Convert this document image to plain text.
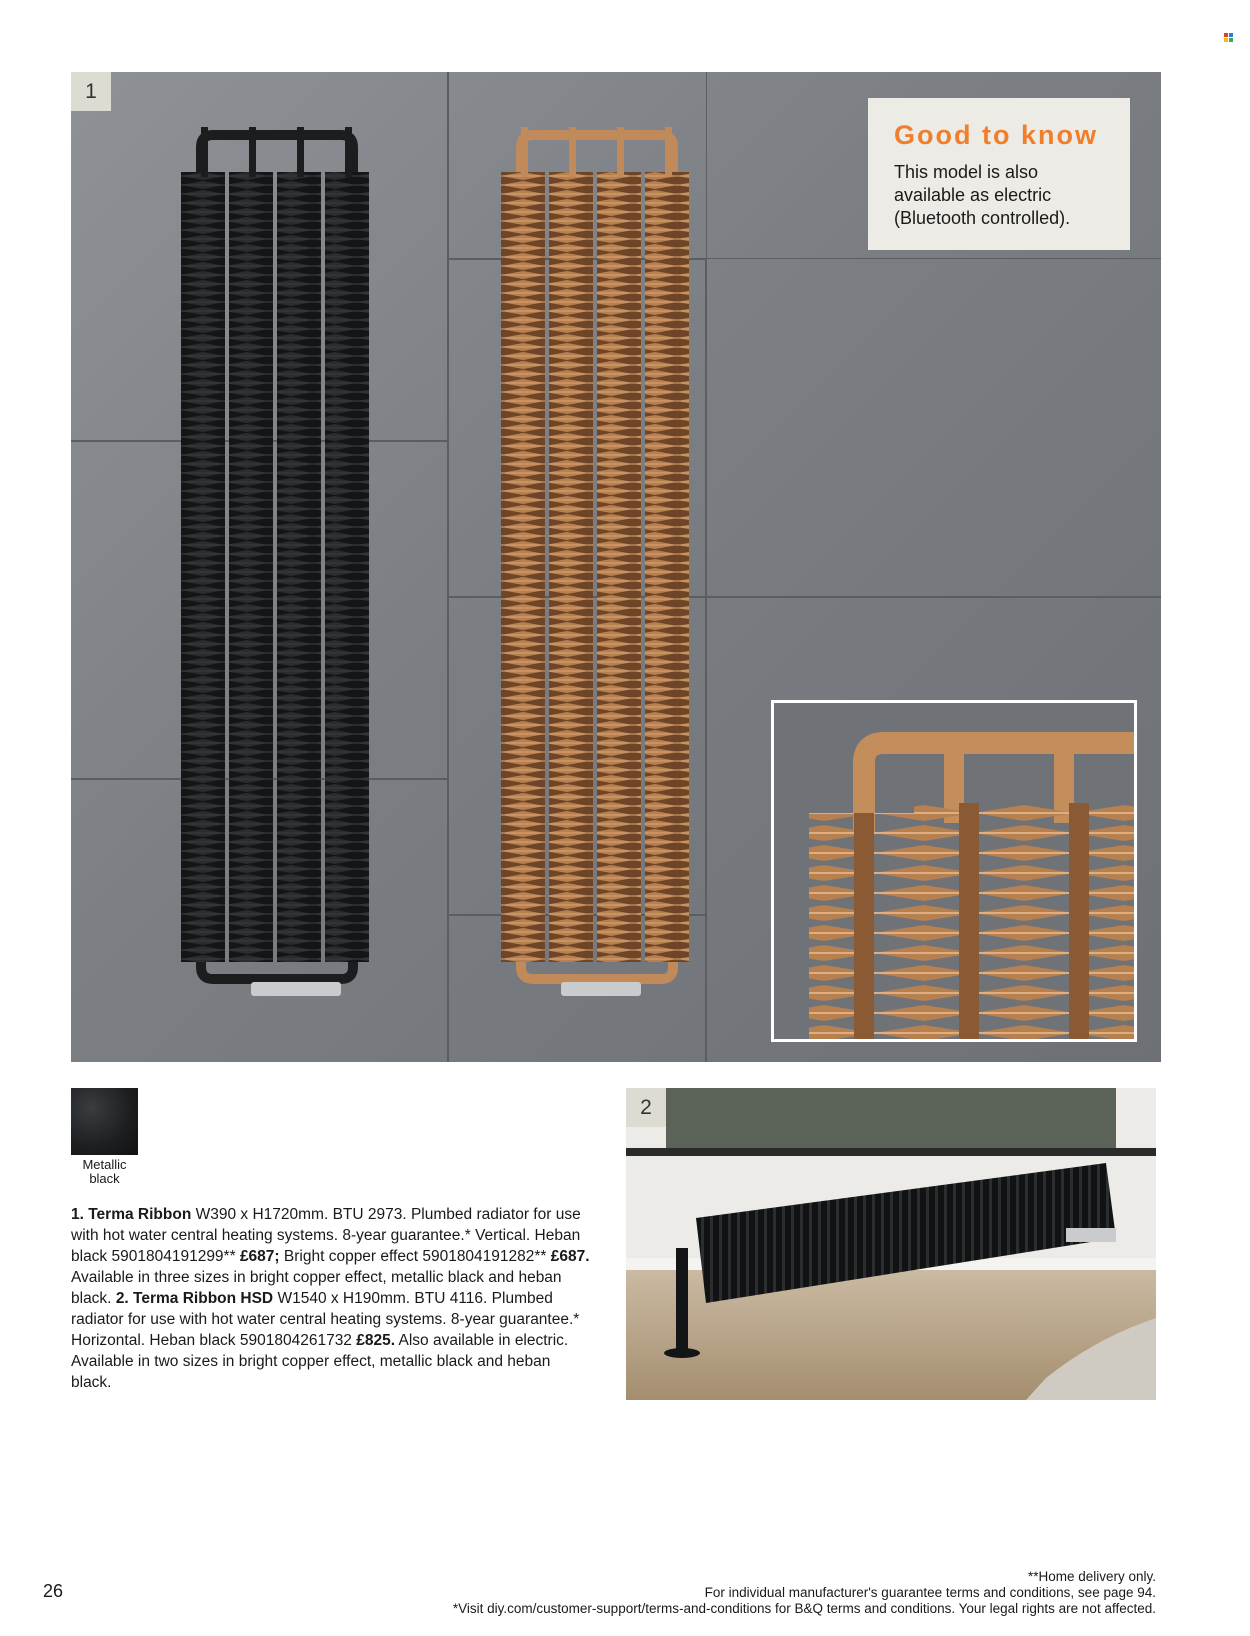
1
Good to know
This model is also
available as electric
(Bluetooth controlled).
Metallic
black
1. Terma Ribbon W390 x H1720mm. BTU 2973. Plumbed radiator for use with hot water central heating systems. 8-year guarantee.* Vertical. Heban black 5901804191299** £687; Bright copper effect 5901804191282** £687. Available in three sizes in bright copper effect, metallic black and heban black. 2. Terma Ribbon HSD W1540 x H190mm. BTU 4116. Plumbed radiator for use with hot water central heating systems. 8-year guarantee.* Horizontal. Heban black 5901804261732 £825. Also available in electric. Available in two sizes in bright copper effect, metallic black and heban black.
2
26
**Home delivery only.
For individual manufacturer's guarantee terms and conditions, see page 94.
*Visit diy.com/customer-support/terms-and-conditions for B&Q terms and conditions. Your legal rights are not affected.
